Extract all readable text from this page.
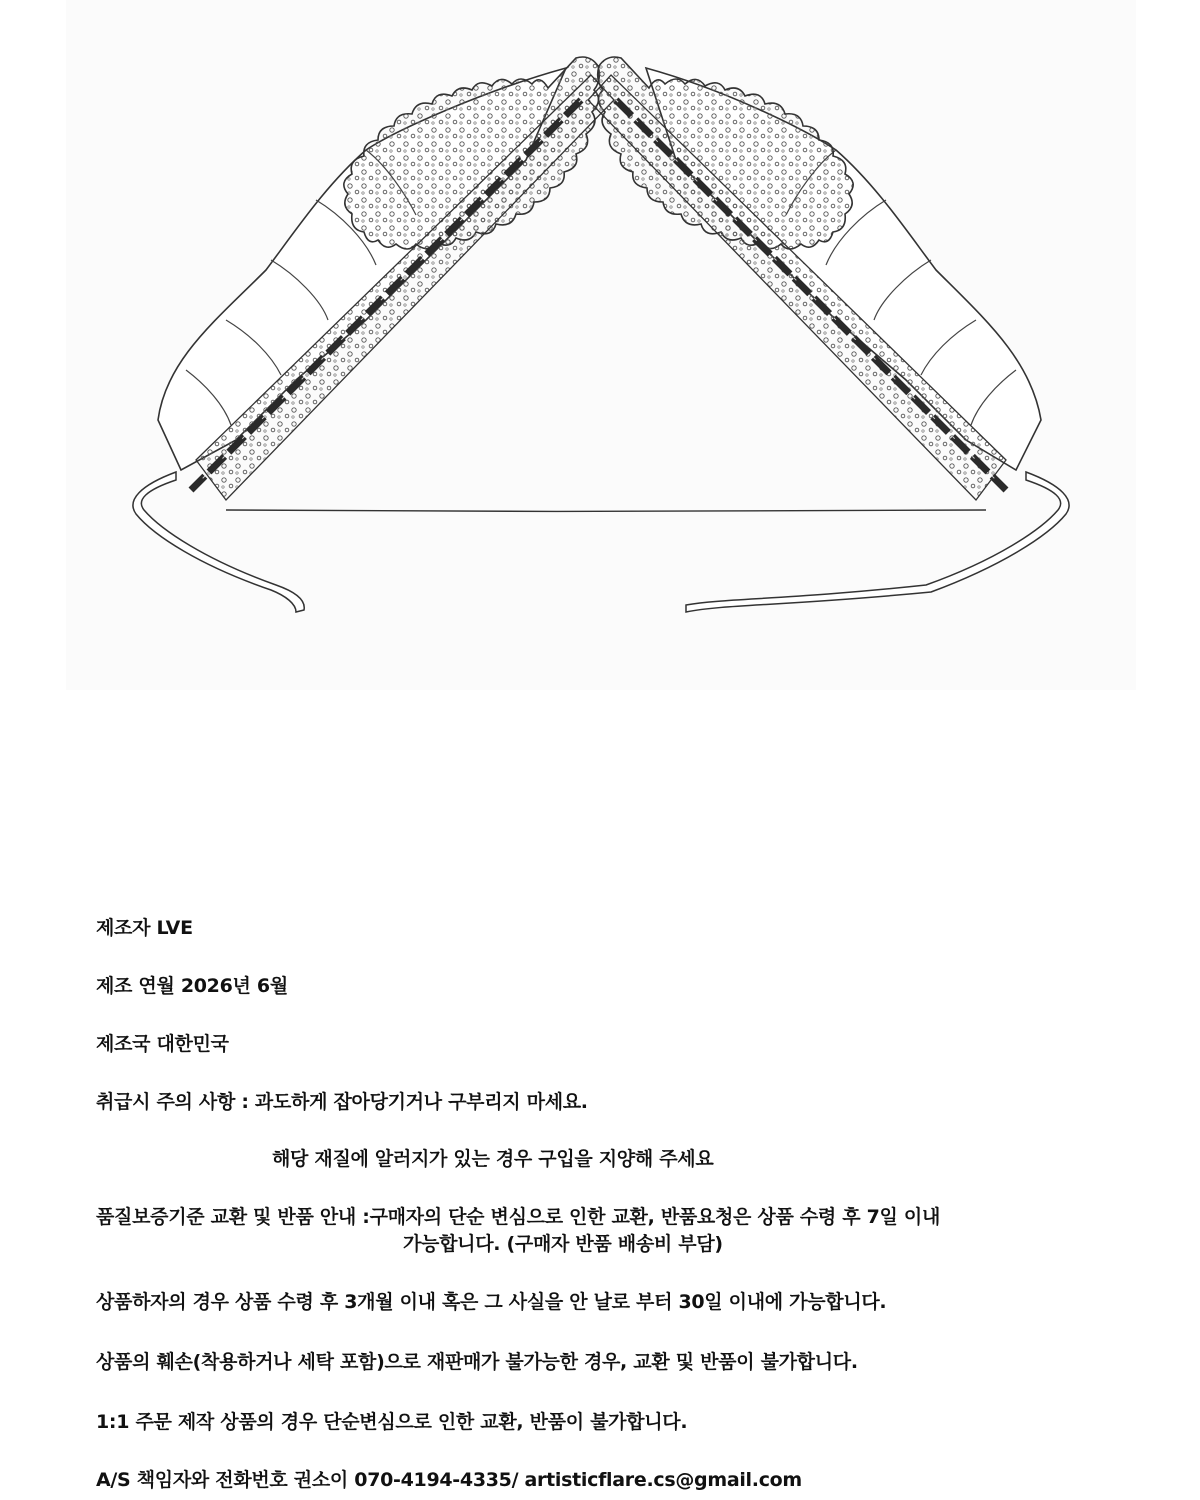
제조자 LVE
제조 연월 2026년 6월
제조국 대한민국
취급시 주의 사항 : 과도하게 잡아당기거나 구부리지 마세요.
해당 재질에 알러지가 있는 경우 구입을 지양해 주세요
품질보증기준 교환 및 반품 안내 :구매자의 단순 변심으로 인한 교환, 반품요청은 상품 수령 후 7일 이내
가능합니다. (구매자 반품 배송비 부담)
상품하자의 경우 상품 수령 후 3개월 이내 혹은 그 사실을 안 날로 부터 30일 이내에 가능합니다.
상품의 훼손(착용하거나 세탁 포함)으로 재판매가 불가능한 경우, 교환 및 반품이 불가합니다.
1:1 주문 제작 상품의 경우 단순변심으로 인한 교환, 반품이 불가합니다.
A/S 책임자와 전화번호 권소이 070-4194-4335/ artisticflare.cs@gmail.com
